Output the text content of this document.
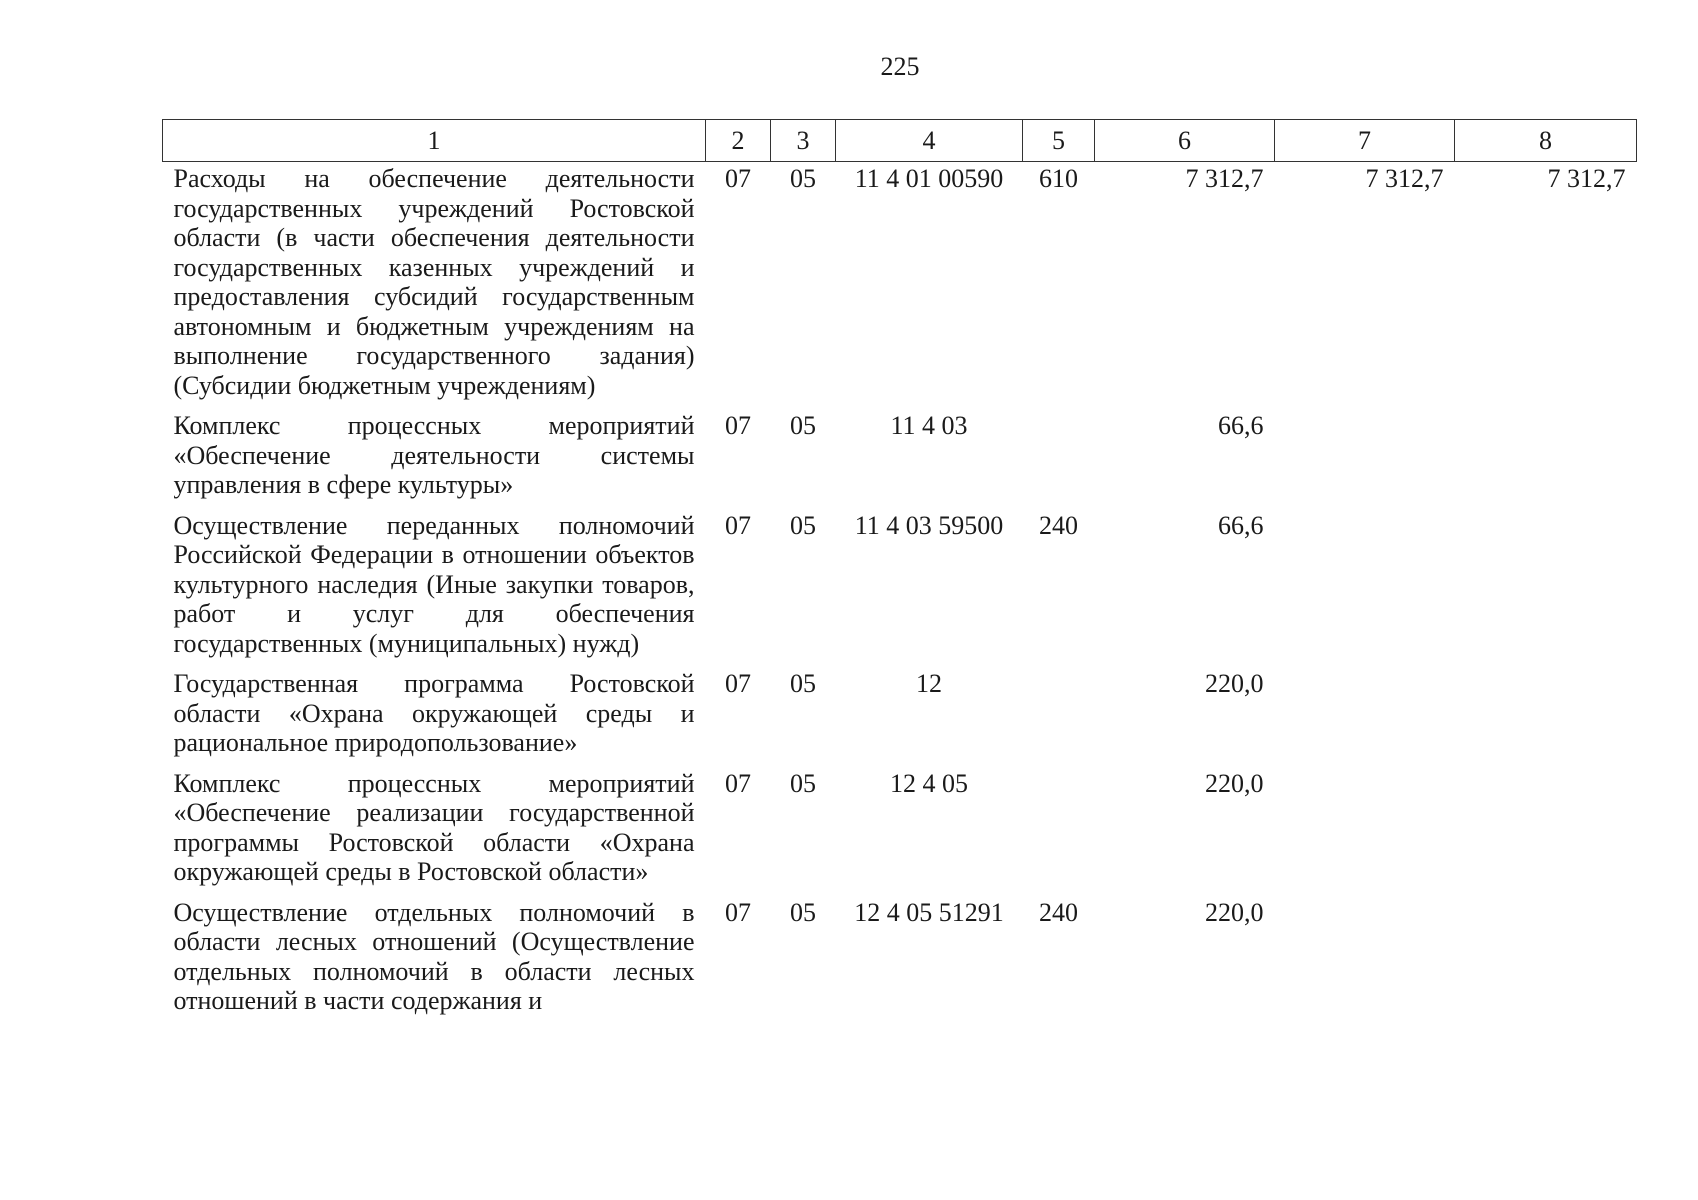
225
1	2	3	4	5	6	7	8
Расходы на обеспечение деятельности государственных учреждений Ростовской области (в части обеспечения деятельности государственных казенных учреждений и предоставления субсидий государственным автономным и бюджетным учреждениям на выполнение государственного задания) (Субсидии бюджетным учреждениям)	07	05	11 4 01 00590	610	7 312,7	7 312,7	7 312,7
Комплекс процессных мероприятий «Обеспечение деятельности системы управления в сфере культуры»	07	05	11 4 03		66,6		
Осуществление переданных полномочий Российской Федерации в отношении объектов культурного наследия (Иные закупки товаров, работ и услуг для обеспечения государственных (муниципальных) нужд)	07	05	11 4 03 59500	240	66,6		
Государственная программа Ростовской области «Охрана окружающей среды и рациональное природопользование»	07	05	12		220,0		
Комплекс процессных мероприятий «Обеспечение реализации государственной программы Ростовской области «Охрана окружающей среды в Ростовской области»	07	05	12 4 05		220,0		
Осуществление отдельных полномочий в области лесных отношений (Осуществление отдельных полномочий в области лесных отношений в части содержания и	07	05	12 4 05 51291	240	220,0		
